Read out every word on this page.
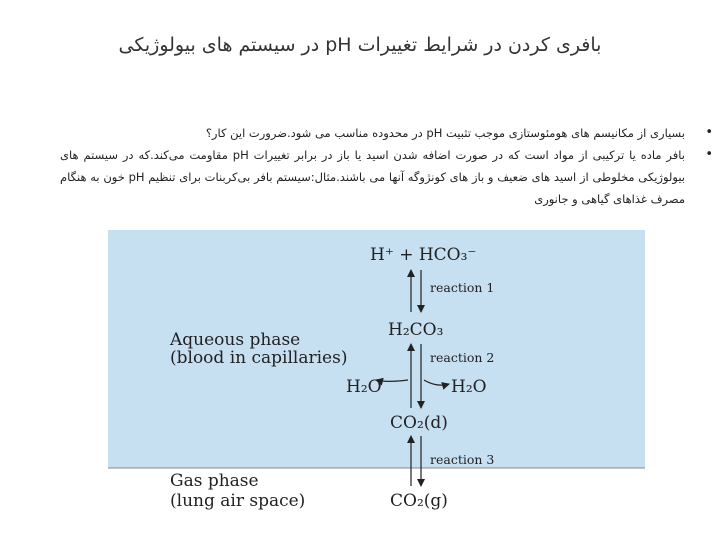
بافری کردن در شرایط تغییرات pH در سیستم های بیولوژیکی
•
بسیاری از مکانیسم های هومئوستازی موجب تثبیت pH در محدوده مناسب می شود.ضرورت این کار؟
•
بافر ماده یا ترکیبی از مواد است که در صورت اضافه شدن اسید یا باز در برابر تغییرات pH مقاومت می‌کند.که در سیستم های بیولوژیکی مخلوطی از اسید های ضعیف و باز های کونژوگه آنها می باشند.مثال:سیستم بافر بی‌کربنات برای تنظیم pH خون به هنگام مصرف غذاهای گیاهی و جانوری
Aqueous phase
(blood in capillaries)
Gas phase
(lung air space)
H⁺ + HCO₃⁻
H₂CO₃
H₂O	H₂O
CO₂(d)
CO₂(g)
reaction 1
reaction 2
reaction 3
